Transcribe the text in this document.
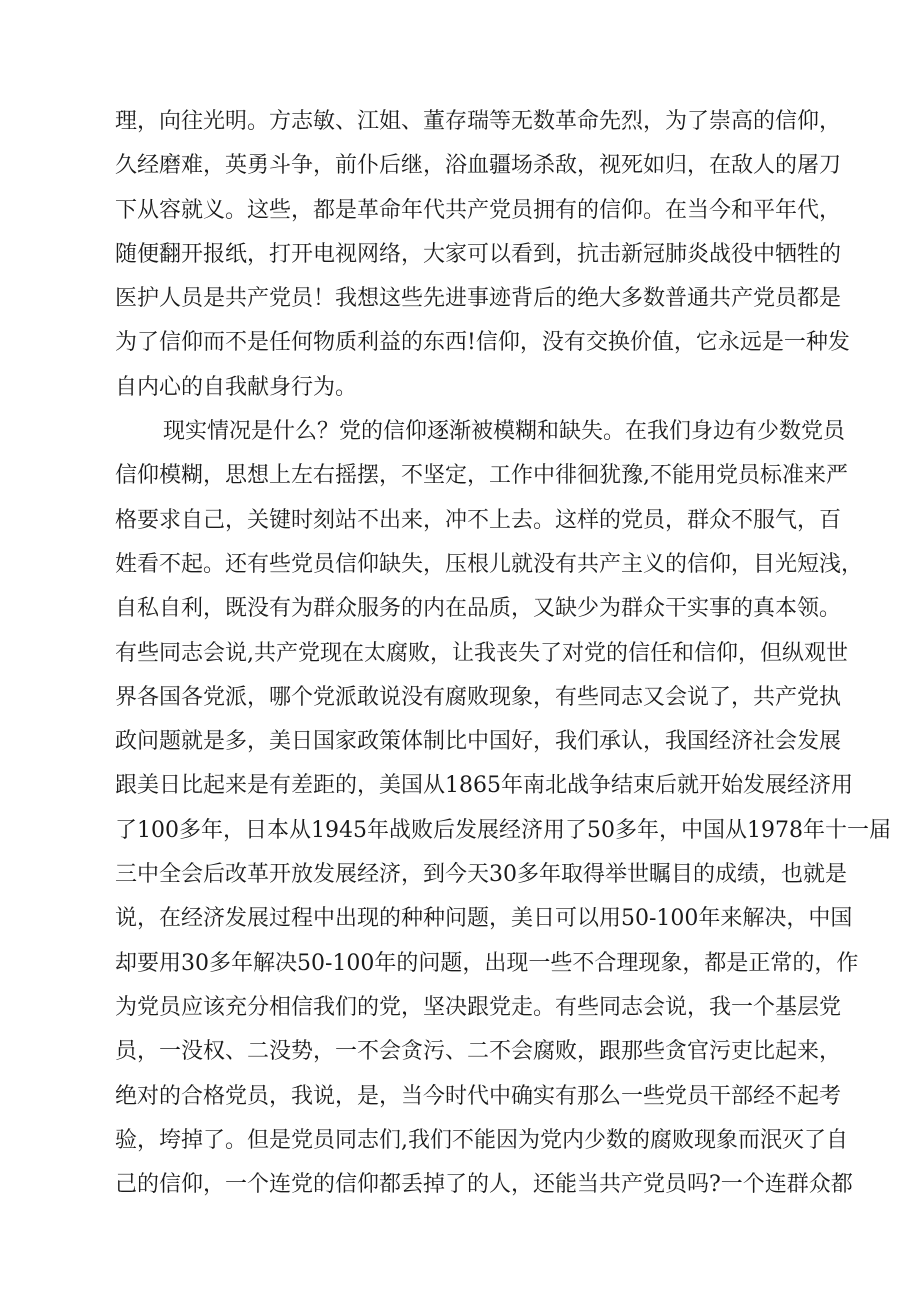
理，向往光明。方志敏、江姐、董存瑞等无数革命先烈，为了崇高的信仰，
久经磨难，英勇斗争，前仆后继，浴血疆场杀敌，视死如归，在敌人的屠刀
下从容就义。这些，都是革命年代共产党员拥有的信仰。在当今和平年代，
随便翻开报纸，打开电视网络，大家可以看到，抗击新冠肺炎战役中牺牲的
医护人员是共产党员！我想这些先进事迹背后的绝大多数普通共产党员都是
为了信仰而不是任何物质利益的东西!信仰，没有交换价值，它永远是一种发
自内心的自我献身行为。
现实情况是什么？党的信仰逐渐被模糊和缺失。在我们身边有少数党员
信仰模糊，思想上左右摇摆，不坚定，工作中徘徊犹豫,不能用党员标准来严
格要求自己，关键时刻站不出来，冲不上去。这样的党员，群众不服气，百
姓看不起。还有些党员信仰缺失，压根儿就没有共产主义的信仰，目光短浅，
自私自利，既没有为群众服务的内在品质，又缺少为群众干实事的真本领。
有些同志会说,共产党现在太腐败，让我丧失了对党的信任和信仰，但纵观世
界各国各党派，哪个党派敢说没有腐败现象，有些同志又会说了，共产党执
政问题就是多，美日国家政策体制比中国好，我们承认，我国经济社会发展
跟美日比起来是有差距的，美国从1865年南北战争结束后就开始发展经济用
了100多年，日本从1945年战败后发展经济用了50多年，中国从1978年十一届
三中全会后改革开放发展经济，到今天30多年取得举世瞩目的成绩，也就是
说，在经济发展过程中出现的种种问题，美日可以用50-100年来解决，中国
却要用30多年解决50-100年的问题，出现一些不合理现象，都是正常的，作
为党员应该充分相信我们的党，坚决跟党走。有些同志会说，我一个基层党
员，一没权、二没势，一不会贪污、二不会腐败，跟那些贪官污吏比起来，
绝对的合格党员，我说，是，当今时代中确实有那么一些党员干部经不起考
验，垮掉了。但是党员同志们,我们不能因为党内少数的腐败现象而泯灭了自
己的信仰，一个连党的信仰都丢掉了的人，还能当共产党员吗?一个连群众都
